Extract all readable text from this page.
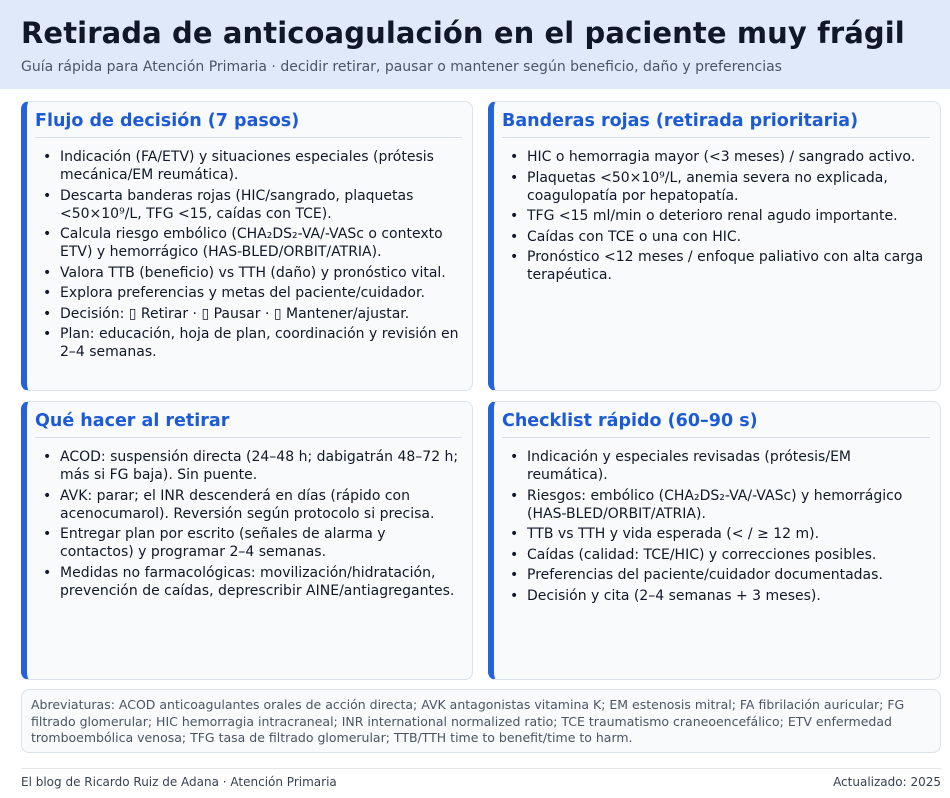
Retirada de anticoagulación en el paciente muy frágil
Guía rápida para Atención Primaria · decidir retirar, pausar o mantener según beneficio, daño y preferencias
Flujo de decisión (7 pasos)
• Indicación (FA/ETV) y situaciones especiales (prótesis mecánica/EM reumática).
• Descarta banderas rojas (HIC/sangrado, plaquetas <50×10⁹/L, TFG <15, caídas con TCE).
• Calcula riesgo embólico (CHA₂DS₂-VA/-VASc o contexto ETV) y hemorrágico (HAS-BLED/ORBIT/ATRIA).
• Valora TTB (beneficio) vs TTH (daño) y pronóstico vital.
• Explora preferencias y metas del paciente/cuidador.
• Decisión: ▯ Retirar · ▯ Pausar · ▯ Mantener/ajustar.
• Plan: educación, hoja de plan, coordinación y revisión en 2–4 semanas.
Banderas rojas (retirada prioritaria)
• HIC o hemorragia mayor (<3 meses) / sangrado activo.
• Plaquetas <50×10⁹/L, anemia severa no explicada, coagulopatía por hepatopatía.
• TFG <15 ml/min o deterioro renal agudo importante.
• Caídas con TCE o una con HIC.
• Pronóstico <12 meses / enfoque paliativo con alta carga terapéutica.
Qué hacer al retirar
• ACOD: suspensión directa (24–48 h; dabigatrán 48–72 h; más si FG baja). Sin puente.
• AVK: parar; el INR descenderá en días (rápido con acenocumarol). Reversión según protocolo si precisa.
• Entregar plan por escrito (señales de alarma y contactos) y programar 2–4 semanas.
• Medidas no farmacológicas: movilización/hidratación, prevención de caídas, deprescribir AINE/antiagregantes.
Checklist rápido (60–90 s)
• Indicación y especiales revisadas (prótesis/EM reumática).
• Riesgos: embólico (CHA₂DS₂-VA/-VASc) y hemorrágico (HAS-BLED/ORBIT/ATRIA).
• TTB vs TTH y vida esperada (< / ≥ 12 m).
• Caídas (calidad: TCE/HIC) y correcciones posibles.
• Preferencias del paciente/cuidador documentadas.
• Decisión y cita (2–4 semanas + 3 meses).
Abreviaturas: ACOD anticoagulantes orales de acción directa; AVK antagonistas vitamina K; EM estenosis mitral; FA fibrilación auricular; FG filtrado glomerular; HIC hemorragia intracraneal; INR international normalized ratio; TCE traumatismo craneoencefálico; ETV enfermedad tromboembólica venosa; TFG tasa de filtrado glomerular; TTB/TTH time to benefit/time to harm.
El blog de Ricardo Ruiz de Adana · Atención Primaria	Actualizado: 2025
